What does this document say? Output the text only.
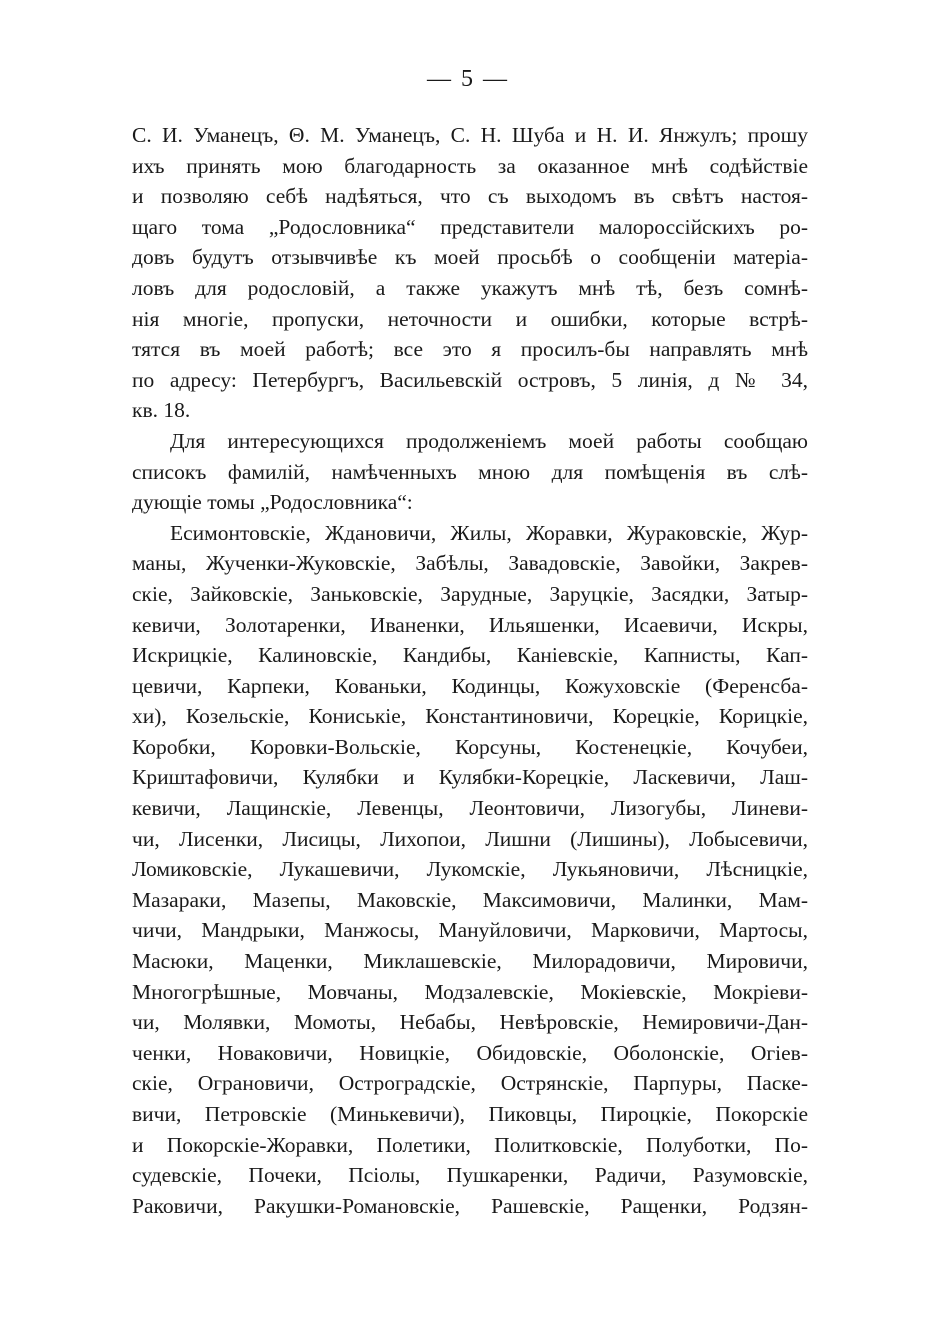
— 5 —
С. И. Уманецъ, Θ. М. Уманецъ, С. Н. Шуба и Н. И. Янжулъ; прошу
ихъ принять мою благодарность за оказанное мнѣ содѣйствіе
и позволяю себѣ надѣяться, что съ выходомъ въ свѣтъ настоя-
щаго тома „Родословника“ представители малороссійскихъ ро-
довъ будутъ отзывчивѣе къ моей просьбѣ о сообщеніи матеріа-
ловъ для родословій, а также укажутъ мнѣ тѣ, безъ сомнѣ-
нія многіе, пропуски, неточности и ошибки, которые встрѣ-
тятся въ моей работѣ; все это я просилъ-бы направлять мнѣ
по адресу: Петербургъ, Васильевскій островъ, 5 линія, д № 34,
кв. 18.
Для интересующихся продолженіемъ моей работы сообщаю
списокъ фамилій, намѣченныхъ мною для помѣщенія въ слѣ-
дующіе томы „Родословника“:
Есимонтовскіе, Ждановичи, Жилы, Жоравки, Жураковскіе, Жур-
маны, Жученки-Жуковскіе, Забѣлы, Завадовскіе, Завойки, Закрев-
скіе, Зайковскіе, Заньковскіе, Зарудные, Заруцкіе, Засядки, Затыр-
кевичи, Золотаренки, Иваненки, Ильяшенки, Исаевичи, Искры,
Искрицкіе, Калиновскіе, Кандибы, Каніевскіе, Капнисты, Кап-
цевичи, Карпеки, Кованьки, Кодинцы, Кожуховскіе (Ференсба-
хи), Козельскіе, Кониськіе, Константиновичи, Корецкіе, Корицкіе,
Коробки, Коровки-Вольскіе, Корсуны, Костенецкіе, Кочубеи,
Криштафовичи, Кулябки и Кулябки-Корецкіе, Ласкевичи, Лаш-
кевичи, Лащинскіе, Левенцы, Леонтовичи, Лизогубы, Линеви-
чи, Лисенки, Лисицы, Лихопои, Лишни (Лишины), Лобысевичи,
Ломиковскіе, Лукашевичи, Лукомскіе, Лукьяновичи, Лѣсницкіе,
Мазараки, Мазепы, Маковскіе, Максимовичи, Малинки, Мам-
чичи, Мандрыки, Манжосы, Мануйловичи, Марковичи, Мартосы,
Масюки, Маценки, Миклашевскіе, Милорадовичи, Мировичи,
Многогрѣшные, Мовчаны, Модзалевскіе, Мокіевскіе, Мокріеви-
чи, Молявки, Момоты, Небабы, Невѣровскіе, Немировичи-Дан-
ченки, Новаковичи, Новицкіе, Обидовскіе, Оболонскіе, Огіев-
скіе, Ограновичи, Остроградскіе, Острянскіе, Парпуры, Паске-
вичи, Петровскіе (Минькевичи), Пиковцы, Пироцкіе, Покорскіе
и Покорскіе-Жоравки, Полетики, Политковскіе, Полуботки, По-
судевскіе, Почеки, Псіолы, Пушкаренки, Радичи, Разумовскіе,
Раковичи, Ракушки-Романовскіе, Рашевскіе, Ращенки, Родзян-
